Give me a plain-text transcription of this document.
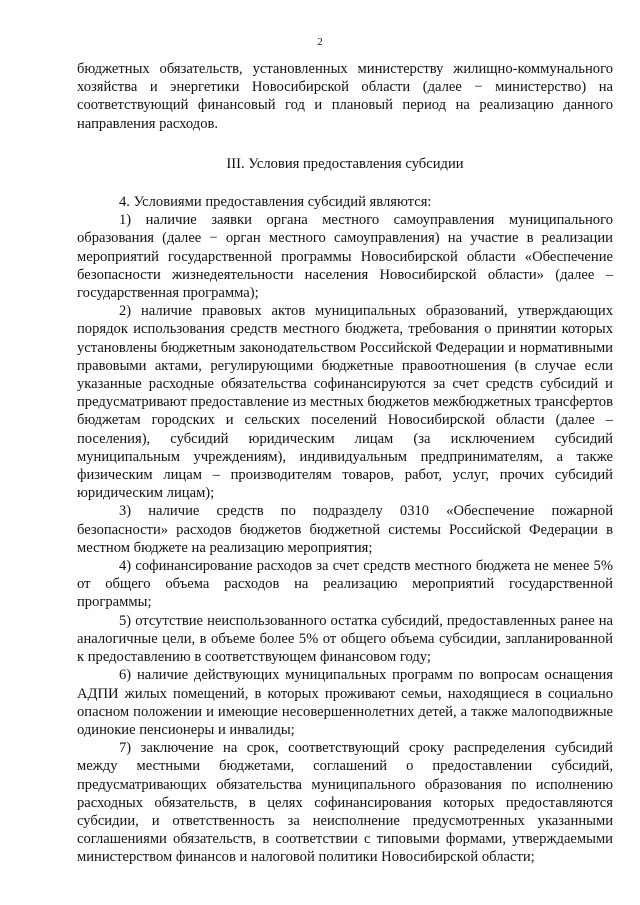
2

бюджетных обязательств, установленных министерству жилищно-коммунального хозяйства и энергетики Новосибирской области (далее − министерство) на соответствующий финансовый год и плановый период на реализацию данного направления расходов.

III. Условия предоставления субсидии

4. Условиями предоставления субсидий являются:

1) наличие заявки органа местного самоуправления муниципального образования (далее − орган местного самоуправления) на участие в реализации мероприятий государственной программы Новосибирской области «Обеспечение безопасности жизнедеятельности населения Новосибирской области» (далее – государственная программа);

2) наличие правовых актов муниципальных образований, утверждающих порядок использования средств местного бюджета, требования о принятии которых установлены бюджетным законодательством Российской Федерации и нормативными правовыми актами, регулирующими бюджетные правоотношения (в случае если указанные расходные обязательства софинансируются за счет средств субсидий и предусматривают предоставление из местных бюджетов межбюджетных трансфертов бюджетам городских и сельских поселений Новосибирской области (далее – поселения), субсидий юридическим лицам (за исключением субсидий муниципальным учреждениям), индивидуальным предпринимателям, а также физическим лицам – производителям товаров, работ, услуг, прочих субсидий юридическим лицам);

3) наличие средств по подразделу 0310 «Обеспечение пожарной безопасности» расходов бюджетов бюджетной системы Российской Федерации в местном бюджете на реализацию мероприятия;

4) софинансирование расходов за счет средств местного бюджета не менее 5% от общего объема расходов на реализацию мероприятий государственной программы;

5) отсутствие неиспользованного остатка субсидий, предоставленных ранее на аналогичные цели, в объеме более 5% от общего объема субсидии, запланированной к предоставлению в соответствующем финансовом году;

6) наличие действующих муниципальных программ по вопросам оснащения АДПИ жилых помещений, в которых проживают семьи, находящиеся в социально опасном положении и имеющие несовершеннолетних детей, а также малоподвижные одинокие пенсионеры и инвалиды;

7) заключение на срок, соответствующий сроку распределения субсидий между местными бюджетами, соглашений о предоставлении субсидий, предусматривающих обязательства муниципального образования по исполнению расходных обязательств, в целях софинансирования которых предоставляются субсидии, и ответственность за неисполнение предусмотренных указанными соглашениями обязательств, в соответствии с типовыми формами, утверждаемыми министерством финансов и налоговой политики Новосибирской области;
